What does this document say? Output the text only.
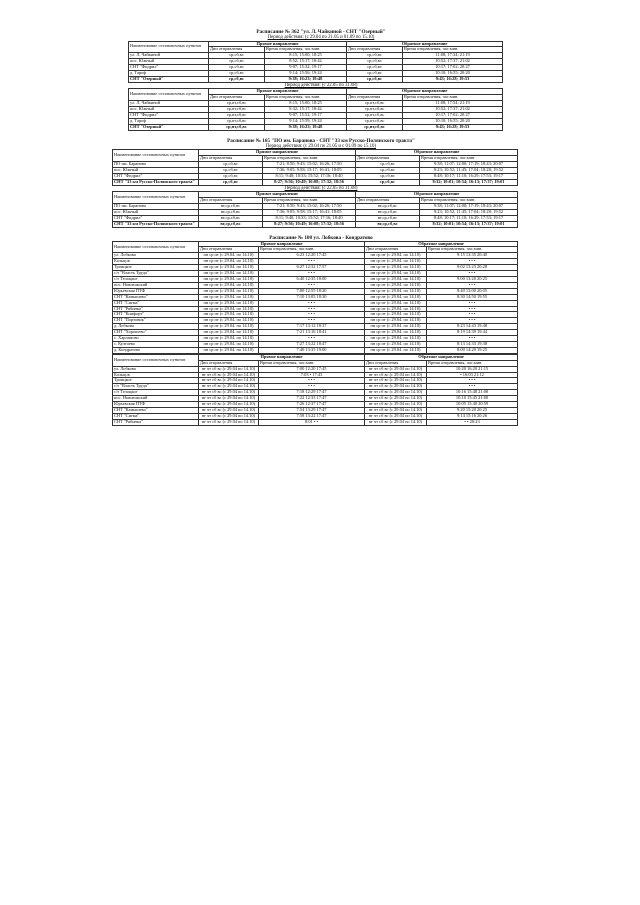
Расписание № 362 "ул. Л. Чайкиной - СНТ "Озерный"
Период действия: (с 29.04 по 21.05 и 01.09 по 15.10)
Наименование остановочных пунктов	Прямое направление		Обратное направление	
	Дни отправления	Время отправления, час:мин.	Дни отправления	Время отправления, час:мин.
ул. Л. Чайкиной	ср,сб,вс	8:15; 15:00; 18:25	ср,сб,вс	11:08; 17:34; 21:19
пос. Южный	ср,сб,вс	8:52; 15:17; 18:42	ср,сб,вс	10:52; 17:37; 21:02
СНТ "Фидрил"	ср,сб,вс	9:07; 15:32; 19:17	ср,сб,вс	10:17; 17:02; 20:27
д. Тароф	ср,сб,вс	9:14; 15:56; 19:24	ср,сб,вс	10:10; 16:55; 20:20
СНТ "Озерный"	ср,сб,вс	9:38; 16:23; 19:48	ср,сб,вс	9:43; 16:28; 19:53
Период действия: (с 22.05 по 31.08)
Наименование остановочных пунктов	Прямое направление		Обратное направление	
	Дни отправления	Время отправления, час:мин.	Дни отправления	Время отправления, час:мин.
ул. Л. Чайкиной	ср,пт,сб,вс	8:15; 15:00; 18:25	ср,пт,сб,вс	11:08; 17:54; 21:19
пос. Южный	ср,пт,сб,вс	8:32; 15:17; 18:42	ср,пт,сб,вс	10:52; 17:37; 21:02
СНТ "Фидрил"	ср,пт,сб,вс	9:07; 15:52; 19:17	ср,пт,сб,вс	10:17; 17:02; 20:27
д. Тароф	ср,пт,сб,вс	9:14; 15:59; 19:24	ср,пт,сб,вс	10:10; 16:55; 20:20
СНТ "Озерный"	ср,пт,сб,вс	9:38; 16:23; 19:48	ср,пт,сб,вс	9:43; 16:28; 19:53
Расписание № 165 "ПО им. Баранова - СНТ "33 км Русско-Полянского тракта"
Период действия: (с 29.04 по 21.05 и с 01.09 по 15.10)
Наименование остановочных пунктов	Прямое направление		Обратное направление	
	Дни отправления	Время отправления, час:мин.	Дни отправления	Время отправления, час:мин.
ПО им. Баранова	ср,сб,вс	7:21; 8:50; 9:43; 15:02; 16:26; 17:50	ср,сб,вс	9:38; 11:07; 12:00; 17:19; 18:43; 20:07
пос. Южный	ср,сб,вс	7:36; 9:05; 9:58; 15:17; 16:41; 18:05	ср,сб,вс	9:23; 10:52; 11:45; 17:04; 18:28; 19:52
СНТ "Фидрил"	ср,сб,вс	8:11; 9:40; 10:33; 15:52; 17:16; 18:40	ср,сб,вс	8:48; 10:17; 11:10; 16:29; 17:53; 19:17
СНТ "33 км Русско-Полянского тракта"	ср,сб,вс	8:27; 9:56; 10:49; 16:08; 17:32; 18:56	ср,сб,вс	8:32; 10:01; 10:54; 16:13; 17:37; 19:01
Период действия: (с 22.05 по 31.08)
Наименование остановочных пунктов	Прямое направление		Обратное направление	
	Дни отправления	Время отправления, час:мин.	Дни отправления	Время отправления, час:мин.
ПО им. Баранова	вт,ср,сб,вс	7:21; 8:50; 9:43; 15:02; 16:26; 17:50	вт,ср,сб,вс	9:38; 11:07; 12:00; 17:19; 18:43; 20:07
пос. Южный	вт,ср,сб,вс	7:36; 9:05; 9:58; 15:17; 16:41; 18:05	вт,ср,сб,вс	9:23; 10:52; 11:45; 17:04; 18:28; 19:52
СНТ "Фидрил"	вт,ср,сб,вс	8:11; 9:40; 10:33; 15:52; 17:16; 18:40	вт,ср,сб,вс	8:48; 10:17; 11:10; 16:29; 17:53; 19:17
СНТ "33 км Русско-Полянского тракта"	вт,ср,сб,вс	8:27; 9:56; 10:49; 16:08; 17:32; 18:56	вт,ср,сб,вс	8:32; 10:01; 10:54; 16:13; 17:37; 19:01
Расписание № 108 ул. Лобкова - Кондратово
Наименование остановочных пунктов	Прямое направление		Обратное направление	
	Дни отправления	Время отправления, час:мин.	Дни отправления	Время отправления, час:мин.
ул. Лобкова	пн ср пт (с 29.04. по 14.10)	6:23 12:20 17:45	пн ср пт (с 29.04. по 14.10)	9:15 13:35 20:40
Кольцов	пн ср пт (с 29.04. по 14.10)	• • •	пн ср пт (с 29.04. по 14.10)	• • •
Троицкое	пн ср пт (с 29.04. по 14.10)	6:27 12:32 17:57	пн ср пт (с 29.04. по 14.10)	9:02 13:23 20:28
с/т "Власть Труда"	пн ср пт (с 29.04. по 14.10)	• • •	пн ср пт (с 29.04. по 14.10)	• • •
с/т Телоцкое	пн ср пт (с 29.04. по 14.10)	6:40 12:35 18:00	пн ср пт (с 29.04. по 14.10)	9:00 13:20 20:25
пос. Новоюжский	пн ср пт (с 29.04. по 14.10)	• • •	пн ср пт (с 29.04. по 14.10)	• • •
Юрьевская ПТФ	пн ср пт (с 29.04. по 14.10)	7:00 12:55 18:20	пн ср пт (с 29.04. по 14.10)	8:40 13:00 20:05
СНТ "Камышево"	пн ср пт (с 29.04. по 14.10)	7:10 13:05 18:30	пн ср пт (с 29.04. по 14.10)	8:30 14:50 19:55
СНТ "Сигма"	пн ср пт (с 29.04. по 14.10)	• • •	пн ср пт (с 29.04. по 14.10)	• • •
СНТ "Рябинка"	пн ср пт (с 29.04. по 14.10)	• • •	пн ср пт (с 29.04. по 14.10)	• • •
СНТ "Комфорт"	пн ср пт (с 29.04. по 14.10)	• • •	пн ср пт (с 29.04. по 14.10)	• • •
СНТ "Портовик"	пн ср пт (с 29.04. по 14.10)	• • •	пн ср пт (с 29.04. по 14.10)	• • •
д. Лобкова	пн ср пт (с 29.04. по 14.10)	7:17 13:12 18:37	пн ср пт (с 29.04. по 14.10)	8:23 14:43 19:48
СНТ "Хорошево"	пн ср пт (с 29.04. по 14.10)	7:21 13:16 18:41	пн ср пт (с 29.04. по 14.10)	8:19 14:39 19:44
с. Харламово	пн ср пт (с 29.04. по 14.10)	• • •	пн ср пт (с 29.04. по 14.10)	• • •
с. Култаево	пн ср пт (с 29.04. по 14.10)	7:27 13:22 18:47	пн ср пт (с 29.04. по 14.10)	8:13 14:33 19:38
д. Кондратово	пн ср пт (с 29.04. по 14.10)	7:40 13:35 19:00	пн ср пт (с 29.04. по 14.10)	8:00 14:20 19:25
Наименование остановочных пунктов	Прямое направление		Обратное направление	
	Дни отправления	Время отправления, час:мин.	Дни отправления	Время отправления, час:мин.
ул. Лобкова	вт чт сб вс (с 29.04 по 14.10)	7:00 12:20 17:45	вт чт сб вс (с 29.04 по 14.10)	10:20 16:20 21:15
Кольцов	вт чт сб вс (с 29.04 по 14.10)	7:03 • 17:43	вт чт сб вс (с 29.04 по 14.10)	• 16:03 21:12
Троицкое	вт чт сб вс (с 29.04 по 14.10)	• • •	вт чт сб вс (с 29.04 по 14.10)	• • •
с/т "Власть Труда"	вт чт сб вс (с 29.04 по 14.10)	• • •	вт чт сб вс (с 29.04 по 14.10)	• • •
с/т Телоцкое	вт чт сб вс (с 29.04 по 14.10)	7:18 12:29 17:47	вт чт сб вс (с 29.04 по 14.10)	10:16 15:48 21:08
пос. Новоюжский	вт чт сб вс (с 29.04 по 14.10)	7:22 12:33 17:47	вт чт сб вс (с 29.04 по 14.10)	10:10 15:45 21:00
Юрьевская ПТФ	вт чт сб вс (с 29.04 по 14.10)	7:26 12:37 17:47	вт чт сб вс (с 29.04 по 14.10)	10:05 15:40 20:59
СНТ "Камышево"	вт чт сб вс (с 29.04 по 14.10)	7:54 13:29 17:47	вт чт сб вс (с 29.04 по 14.10)	9:20 15:20 20:25
СНТ "Сигма"	вт чт сб вс (с 29.04 по 14.10)	7:58 13:22 17:47	вт чт сб вс (с 29.04 по 14.10)	9:14 15:16 20:26
СНТ "Рябинка"	вт чт сб вс (с 29.04 по 14.10)	8:01 • •	вт чт сб вс (с 29.04 по 14.10)	• • 20:23
